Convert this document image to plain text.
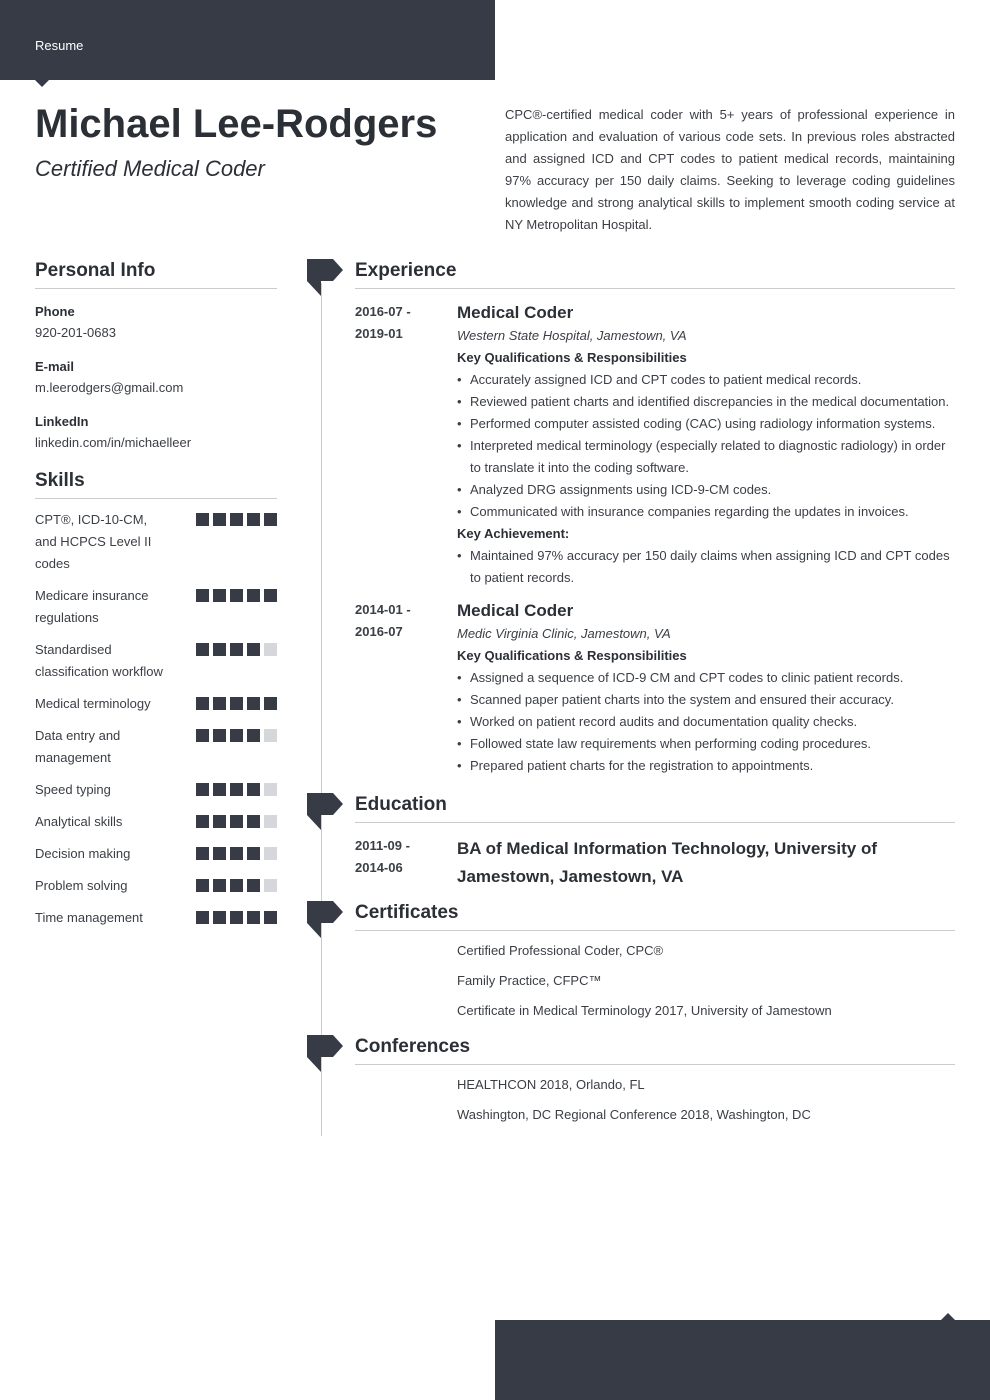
Resume
Michael Lee-Rodgers
Certified Medical Coder

CPC®-certified medical coder with 5+ years of professional experience in application and evaluation of various code sets. In previous roles abstracted and assigned ICD and CPT codes to patient medical records, maintaining 97% accuracy per 150 daily claims. Seeking to leverage coding guidelines knowledge and strong analytical skills to implement smooth coding service at NY Metropolitan Hospital.

Personal Info
Phone
920-201-0683
E-mail
m.leerodgers@gmail.com
LinkedIn
linkedin.com/in/michaelleer
Skills
CPT®, ICD-10-CM, and HCPCS Level II codes
Medicare insurance regulations
Standardised classification workflow
Medical terminology
Data entry and management
Speed typing
Analytical skills
Decision making
Problem solving
Time management
Experience
2016-07 -
2019-01
Medical Coder
Western State Hospital, Jamestown, VA
Key Qualifications & Responsibilities
• Accurately assigned ICD and CPT codes to patient medical records.
• Reviewed patient charts and identified discrepancies in the medical documentation.
• Performed computer assisted coding (CAC) using radiology information systems.
• Interpreted medical terminology (especially related to diagnostic radiology) in order to translate it into the coding software.
• Analyzed DRG assignments using ICD-9-CM codes.
• Communicated with insurance companies regarding the updates in invoices.
Key Achievement:
• Maintained 97% accuracy per 150 daily claims when assigning ICD and CPT codes to patient records.
2014-01 -
2016-07
Medical Coder
Medic Virginia Clinic, Jamestown, VA
Key Qualifications & Responsibilities
• Assigned a sequence of ICD-9 CM and CPT codes to clinic patient records.
• Scanned paper patient charts into the system and ensured their accuracy.
• Worked on patient record audits and documentation quality checks.
• Followed state law requirements when performing coding procedures.
• Prepared patient charts for the registration to appointments.
Education
2011-09 -
2014-06
BA of Medical Information Technology, University of Jamestown, Jamestown, VA
Certificates
Certified Professional Coder, CPC®
Family Practice, CFPC™
Certificate in Medical Terminology 2017, University of Jamestown
Conferences
HEALTHCON 2018, Orlando, FL
Washington, DC Regional Conference 2018, Washington, DC
